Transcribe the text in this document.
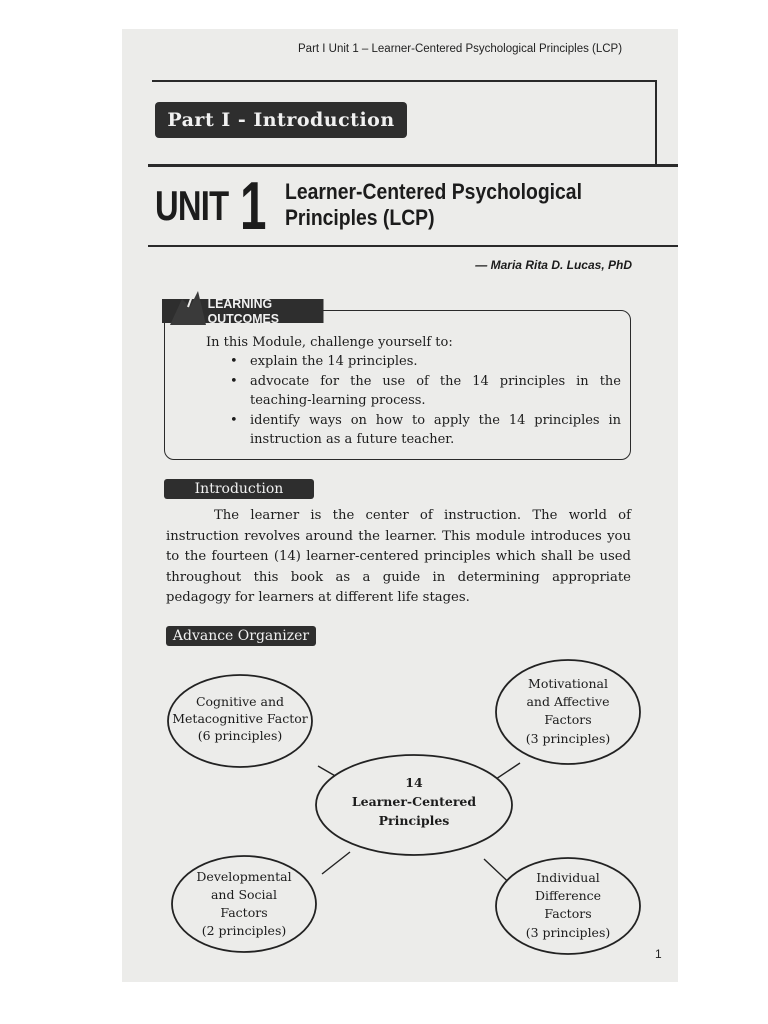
Part I Unit 1 – Learner-Centered Psychological Principles (LCP)
Part I - Introduction
UNIT 1 Learner-Centered Psychological
Principles (LCP)
— Maria Rita D. Lucas, PhD
LEARNING OUTCOMES
In this Module, challenge yourself to:
• explain the 14 principles.
• advocate for the use of the 14 principles in the teaching-learning process.
• identify ways on how to apply the 14 principles in instruction as a future teacher.
Introduction

The learner is the center of instruction. The world of instruction revolves around the learner. This module introduces you to the fourteen (14) learner-centered principles which shall be used throughout this book as a guide in determining appropriate pedagogy for learners at different life stages.

Advance Organizer
14
Learner-Centered
Principles
Cognitive and
Metacognitive Factor
(6 principles)
Motivational
and Affective
Factors
(3 principles)
Developmental
and Social
Factors
(2 principles)
Individual
Difference
Factors
(3 principles)
1
